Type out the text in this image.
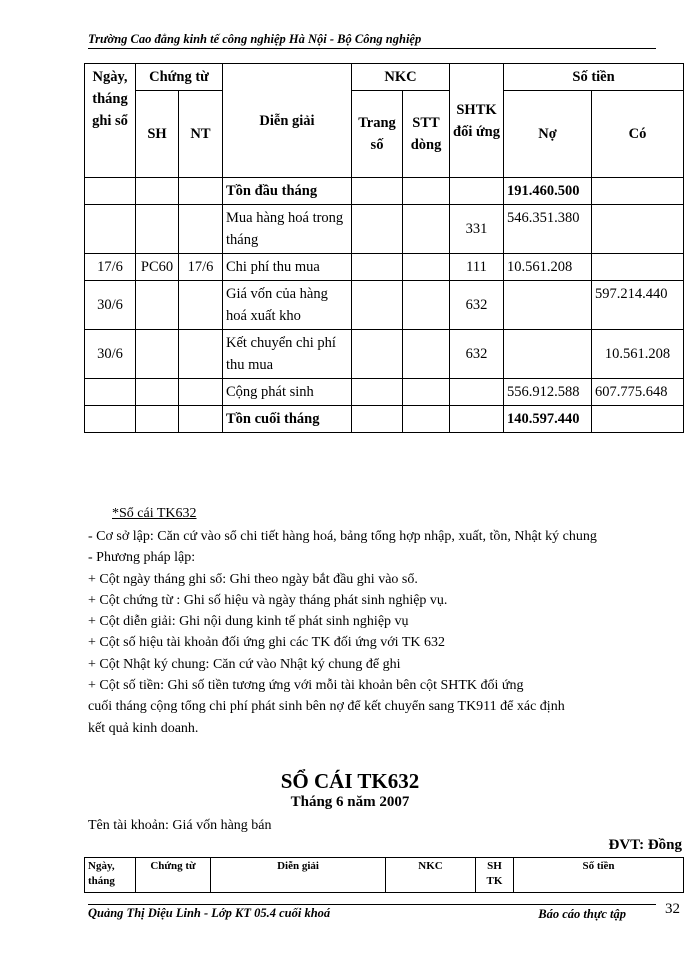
Trường Cao đẳng kinh tế công nghiệp Hà Nội - Bộ Công nghiệp
Ngày, tháng ghi sổ	Chứng từ		Diễn giải	NKC		SHTK đối ứng	Số tiền	
	SH	NT		Trang số	STT dòng		Nợ	Có
			Tồn đầu tháng				191.460.500	
			Mua hàng hoá trong tháng			331	546.351.380	
17/6	PC60	17/6	Chi phí thu mua			111	10.561.208	
30/6			Giá vốn của hàng hoá xuất kho			632		597.214.440
30/6			Kết chuyển chi phí thu mua			632		10.561.208
			Cộng phát sinh				556.912.588	607.775.648
			Tồn cuối tháng				140.597.440	
*Sổ cái TK632

- Cơ sở lập: Căn cứ vào sổ chi tiết hàng hoá, bảng tổng hợp nhập, xuất, tồn, Nhật ký chung

- Phương pháp lập:

+ Cột ngày tháng ghi sổ: Ghi theo ngày bắt đầu ghi vào sổ.

+ Cột chứng từ : Ghi số hiệu và ngày tháng phát sinh nghiệp vụ.

+ Cột diễn giải: Ghi nội dung kinh tế phát sinh nghiệp vụ

+ Cột số hiệu tài khoản đối ứng ghi các TK đối ứng với TK 632

+ Cột Nhật ký chung: Căn cứ vào Nhật ký chung để ghi

+ Cột số tiền: Ghi số tiền tương ứng với mỗi tài khoản bên cột SHTK đối ứng

cuối tháng cộng tổng chi phí phát sinh bên nợ để kết chuyển sang TK911 để xác định

kết quả kinh doanh.

SỔ CÁI TK632
Tháng 6 năm 2007
Tên tài khoản: Giá vốn hàng bán
ĐVT: Đồng
Ngày, tháng	Chứng từ	Diễn giải	NKC	SH TK	Số tiền
Quảng Thị Diệu Linh - Lớp KT 05.4 cuối khoá	Báo cáo thực tập	32
